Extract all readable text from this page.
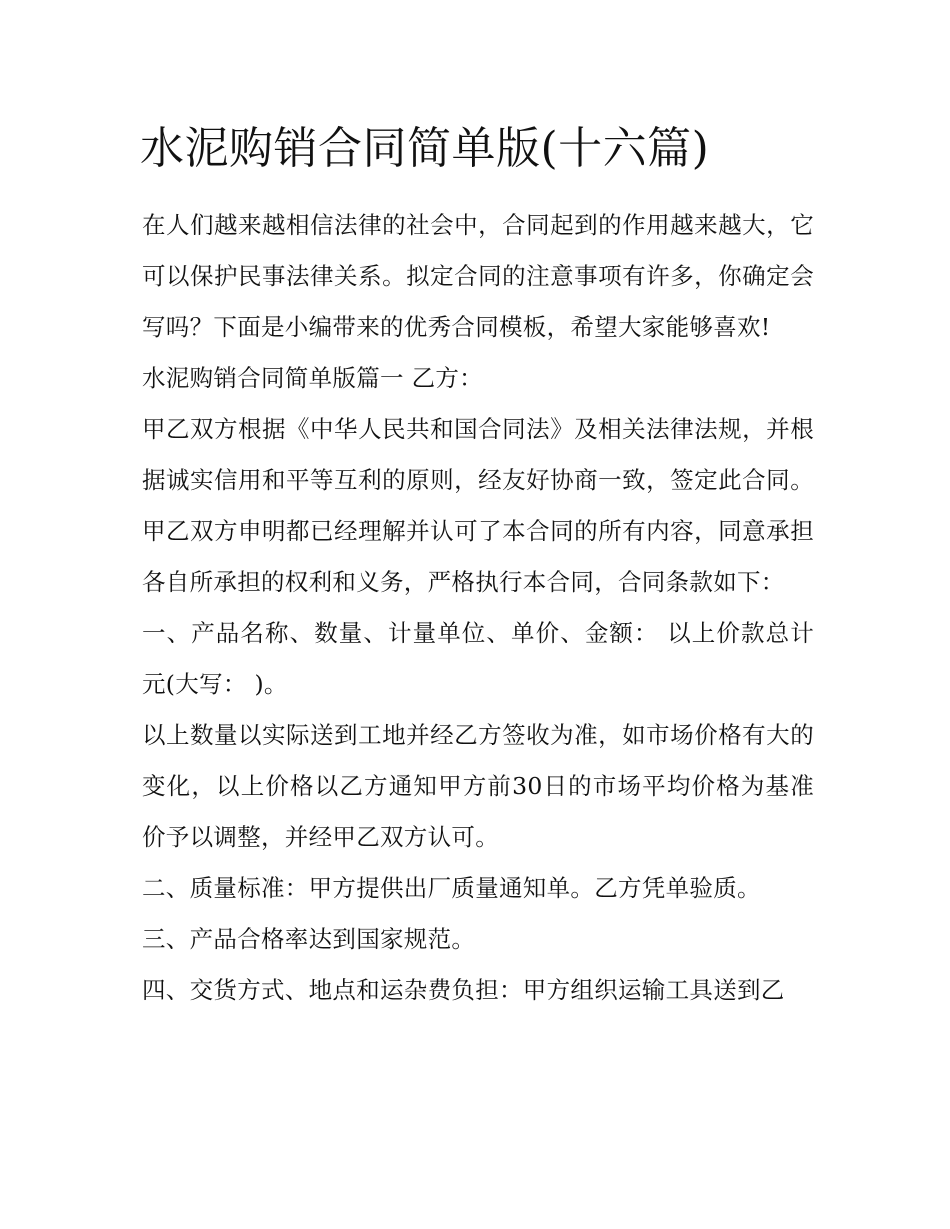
水泥购销合同简单版(十六篇)

在人们越来越相信法律的社会中，合同起到的作用越来越大，它可以保护民事法律关系。拟定合同的注意事项有许多，你确定会写吗？下面是小编带来的优秀合同模板，希望大家能够喜欢!

水泥购销合同简单版篇一 乙方：

甲乙双方根据《中华人民共和国合同法》及相关法律法规，并根据诚实信用和平等互利的原则，经友好协商一致，签定此合同。甲乙双方申明都已经理解并认可了本合同的所有内容，同意承担各自所承担的权利和义务，严格执行本合同，合同条款如下：

一、产品名称、数量、计量单位、单价、金额： 以上价款总计 元(大写： )。

以上数量以实际送到工地并经乙方签收为准，如市场价格有大的变化，以上价格以乙方通知甲方前30日的市场平均价格为基准价予以调整，并经甲乙双方认可。

二、质量标准：甲方提供出厂质量通知单。乙方凭单验质。

三、产品合格率达到国家规范。

四、交货方式、地点和运杂费负担：甲方组织运输工具送到乙
